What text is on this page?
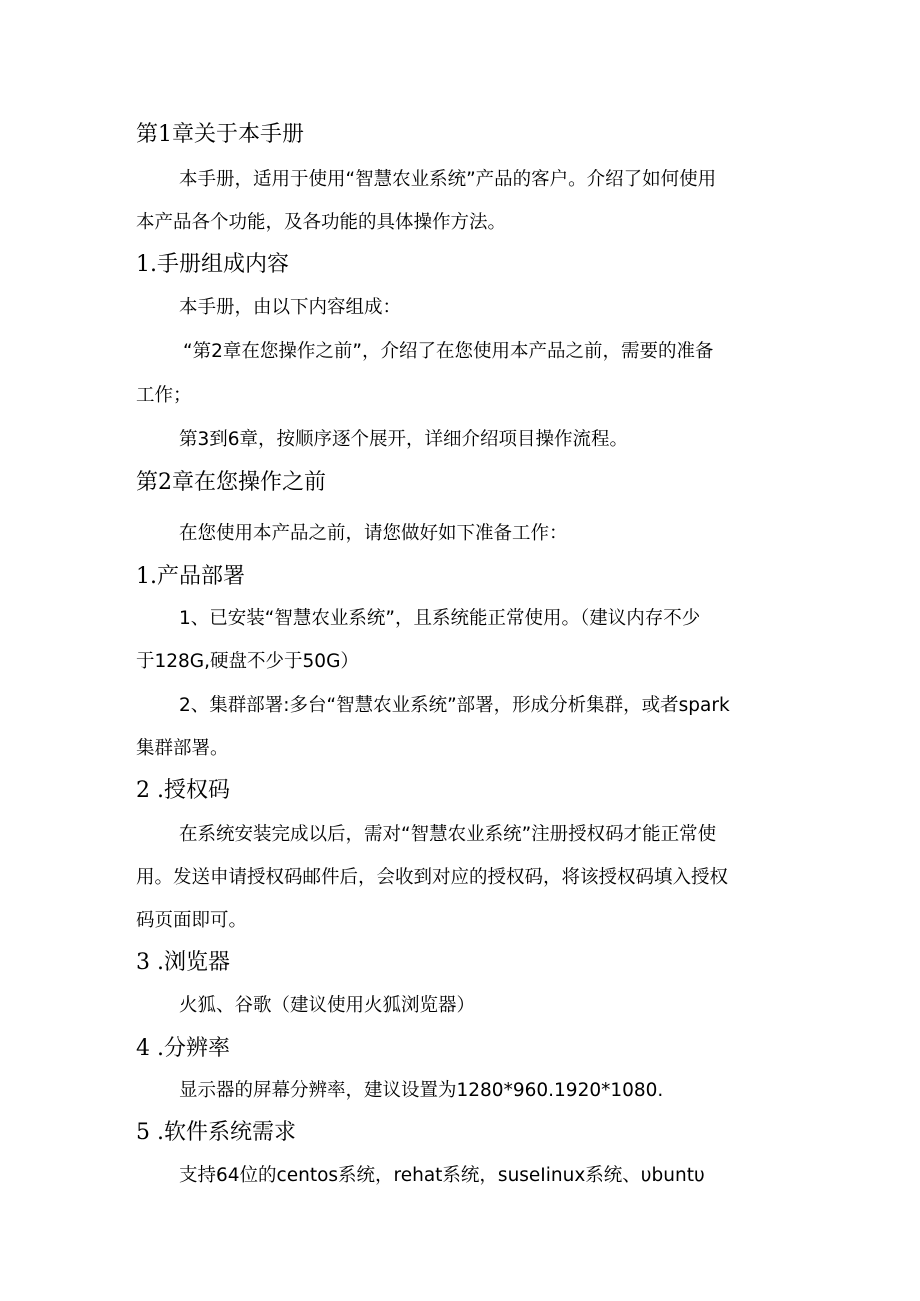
第1章关于本手册
本手册，适用于使用“智慧农业系统”产品的客户。介绍了如何使用
本产品各个功能，及各功能的具体操作方法。
1.手册组成内容
本手册，由以下内容组成：
“第2章在您操作之前”，介绍了在您使用本产品之前，需要的准备
工作；
第3到6章，按顺序逐个展开，详细介绍项目操作流程。
第2章在您操作之前
在您使用本产品之前，请您做好如下准备工作：
1.产品部署
1、已安装“智慧农业系统”，且系统能正常使用。（建议内存不少
于128G,硬盘不少于50G）
2、集群部署:多台“智慧农业系统”部署，形成分析集群，或者spark
集群部署。
2 .授权码
在系统安装完成以后，需对“智慧农业系统”注册授权码才能正常使
用。发送申请授权码邮件后，会收到对应的授权码，将该授权码填入授权
码页面即可。
3 .浏览器
火狐、谷歌（建议使用火狐浏览器）
4 .分辨率
显示器的屏幕分辨率，建议设置为1280*960.1920*1080.
5 .软件系统需求
支持64位的centos系统，rehat系统，suseIinux系统、υbuntυ
